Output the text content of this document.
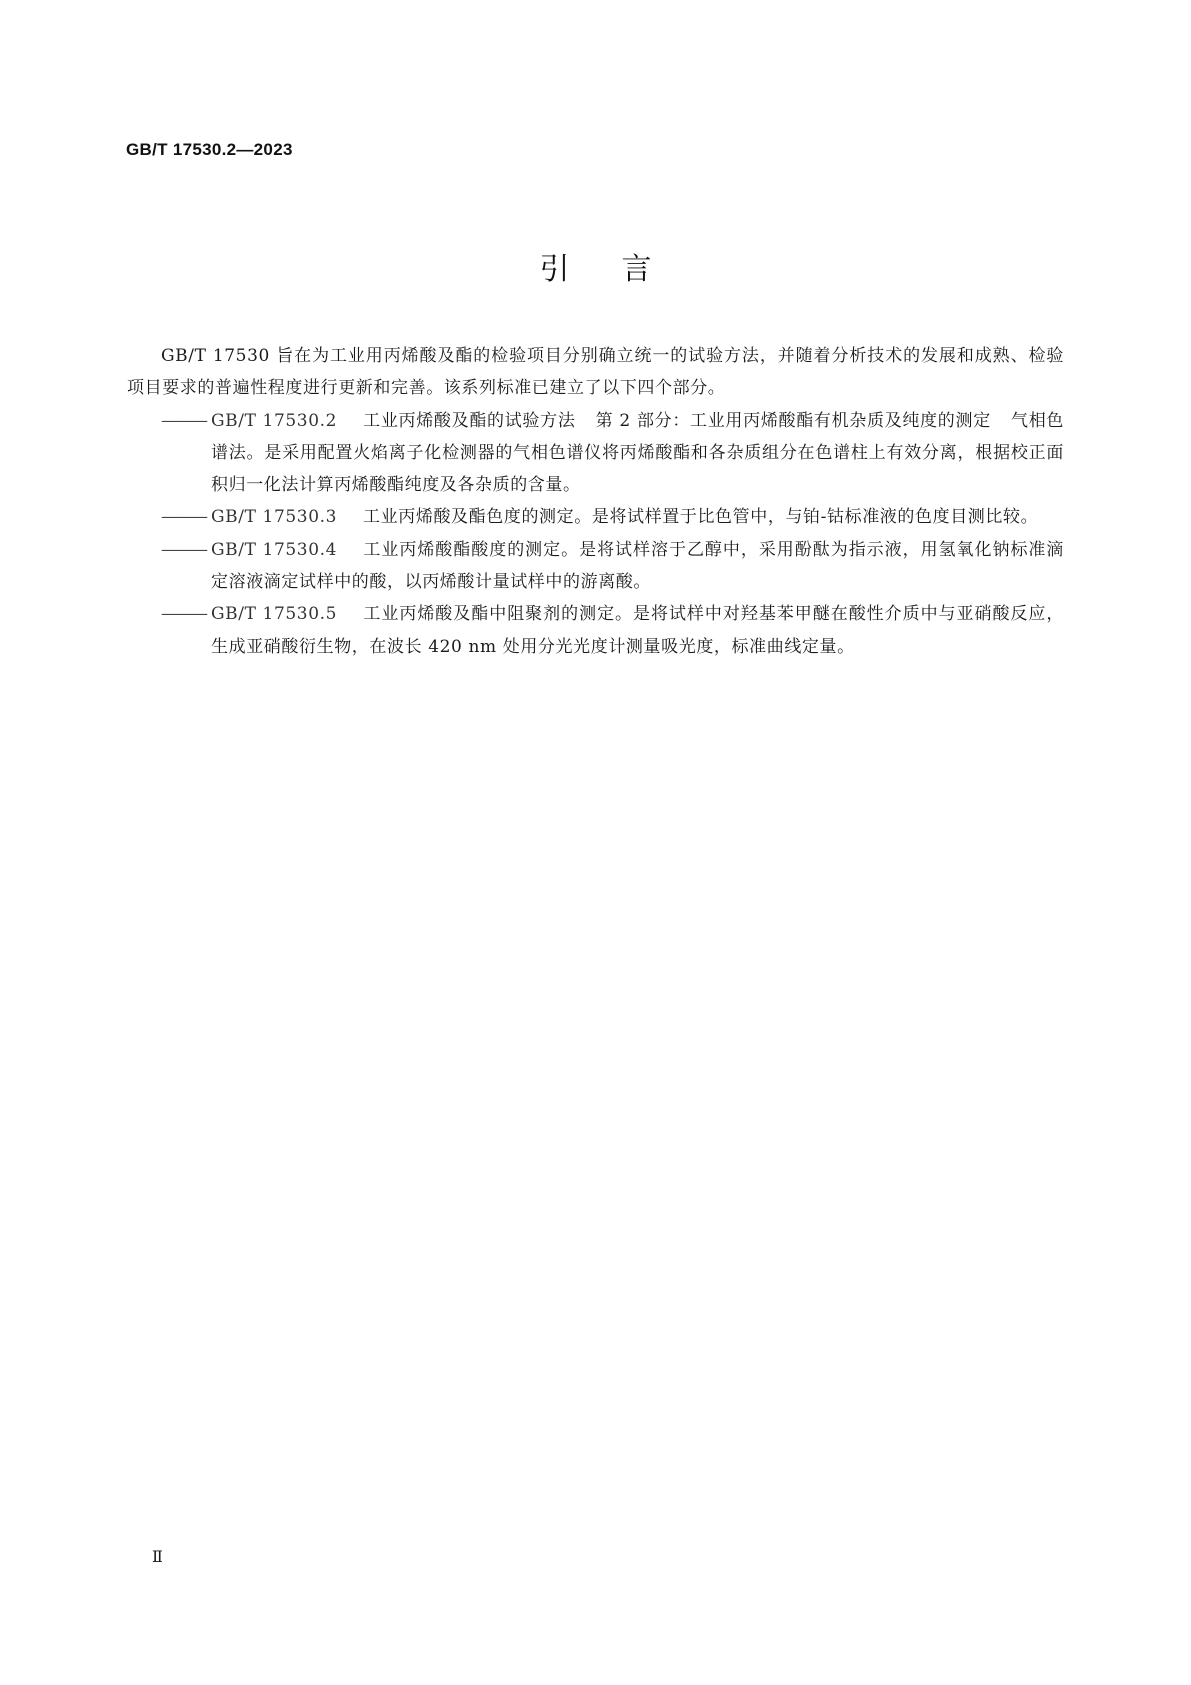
GB/T 17530.2—2023
引言

GB/T 17530 旨在为工业用丙烯酸及酯的检验项目分别确立统一的试验方法，并随着分析技术的发展和成熟、检验项目要求的普遍性程度进行更新和完善。该系列标准已建立了以下四个部分。

——— GB/T 17530.2 工业丙烯酸及酯的试验方法 第 2 部分：工业用丙烯酸酯有机杂质及纯度的测定 气相色谱法。是采用配置火焰离子化检测器的气相色谱仪将丙烯酸酯和各杂质组分在色谱柱上有效分离，根据校正面积归一化法计算丙烯酸酯纯度及各杂质的含量。
——— GB/T 17530.3 工业丙烯酸及酯色度的测定。是将试样置于比色管中，与铂-钴标准液的色度目测比较。
——— GB/T 17530.4 工业丙烯酸酯酸度的测定。是将试样溶于乙醇中，采用酚酞为指示液，用氢氧化钠标准滴定溶液滴定试样中的酸，以丙烯酸计量试样中的游离酸。
——— GB/T 17530.5 工业丙烯酸及酯中阻聚剂的测定。是将试样中对羟基苯甲醚在酸性介质中与亚硝酸反应，生成亚硝酸衍生物，在波长 420 nm 处用分光光度计测量吸光度，标准曲线定量。
Ⅱ
